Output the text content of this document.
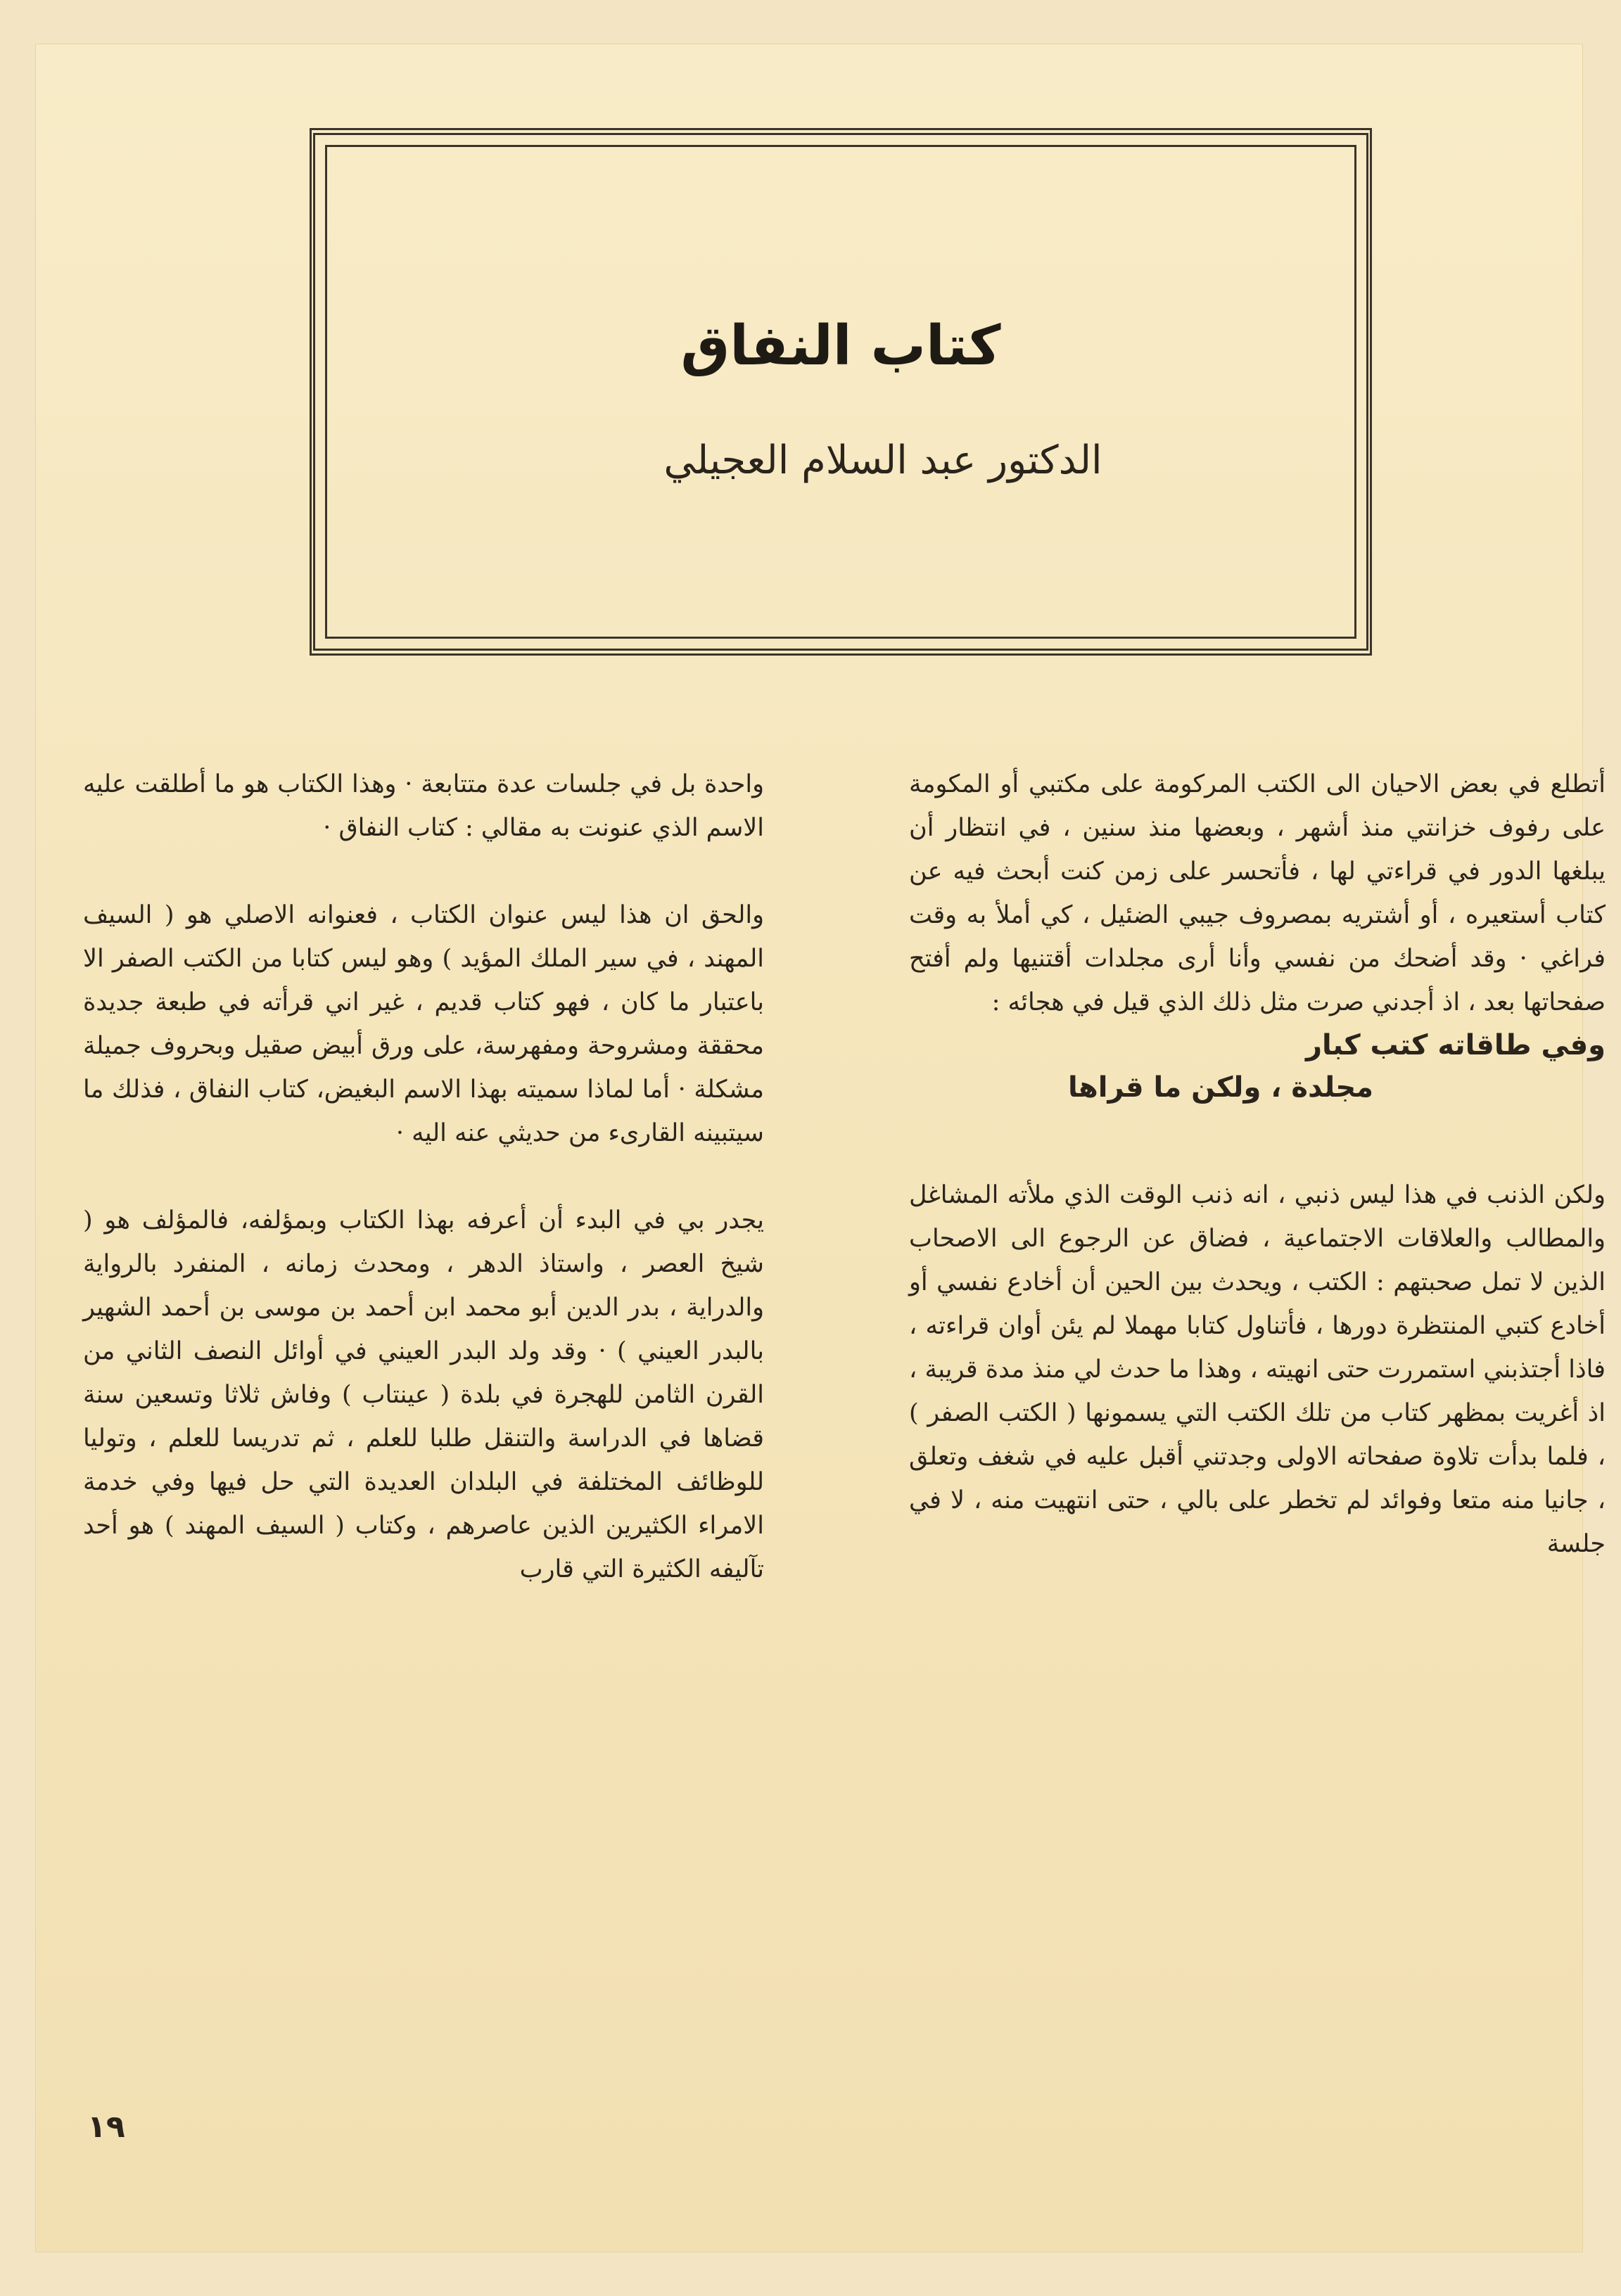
كتاب النفاق
الدكتور عبد السلام العجيلي

أتطلع في بعض الاحيان الى الكتب المركومة على مكتبي أو المكومة على رفوف خزانتي منذ أشهر ، وبعضها منذ سنين ، في انتظار أن يبلغها الدور في قراءتي لها ، فأتحسر على زمن كنت أبحث فيه عن كتاب أستعيره ، أو أشتريه بمصروف جيبي الضئيل ، كي أملأ به وقت فراغي · وقد أضحك من نفسي وأنا أرى مجلدات أقتنيها ولم أفتح صفحاتها بعد ، اذ أجدني صرت مثل ذلك الذي قيل في هجائه :

وفي طاقاته كتب كبار

مجلدة ، ولكن ما قراها

ولكن الذنب في هذا ليس ذنبي ، انه ذنب الوقت الذي ملأته المشاغل والمطالب والعلاقات الاجتماعية ، فضاق عن الرجوع الى الاصحاب الذين لا تمل صحبتهم : الكتب ، ويحدث بين الحين أن أخادع نفسي أو أخادع كتبي المنتظرة دورها ، فأتناول كتابا مهملا لم يئن أوان قراءته ، فاذا أجتذبني استمررت حتى انهيته ، وهذا ما حدث لي منذ مدة قريبة ، اذ أغريت بمظهر كتاب من تلك الكتب التي يسمونها ( الكتب الصفر ) ، فلما بدأت تلاوة صفحاته الاولى وجدتني أقبل عليه في شغف وتعلق ، جانيا منه متعا وفوائد لم تخطر على بالي ، حتى انتهيت منه ، لا في جلسة

واحدة بل في جلسات عدة متتابعة · وهذا الكتاب هو ما أطلقت عليه الاسم الذي عنونت به مقالي : كتاب النفاق ·

والحق ان هذا ليس عنوان الكتاب ، فعنوانه الاصلي هو ( السيف المهند ، في سير الملك المؤيد ) وهو ليس كتابا من الكتب الصفر الا باعتبار ما كان ، فهو كتاب قديم ، غير اني قرأته في طبعة جديدة محققة ومشروحة ومفهرسة، على ورق أبيض صقيل وبحروف جميلة مشكلة · أما لماذا سميته بهذا الاسم البغيض، كتاب النفاق ، فذلك ما سيتبينه القارىء من حديثي عنه اليه ·

يجدر بي في البدء أن أعرفه بهذا الكتاب وبمؤلفه، فالمؤلف هو ( شيخ العصر ، واستاذ الدهر ، ومحدث زمانه ، المنفرد بالرواية والدراية ، بدر الدين أبو محمد ابن أحمد بن موسى بن أحمد الشهير بالبدر العيني ) · وقد ولد البدر العيني في أوائل النصف الثاني من القرن الثامن للهجرة في بلدة ( عينتاب ) وفاش ثلاثا وتسعين سنة قضاها في الدراسة والتنقل طلبا للعلم ، ثم تدريسا للعلم ، وتوليا للوظائف المختلفة في البلدان العديدة التي حل فيها وفي خدمة الامراء الكثيرين الذين عاصرهم ، وكتاب ( السيف المهند ) هو أحد تآليفه الكثيرة التي قارب

١٩
